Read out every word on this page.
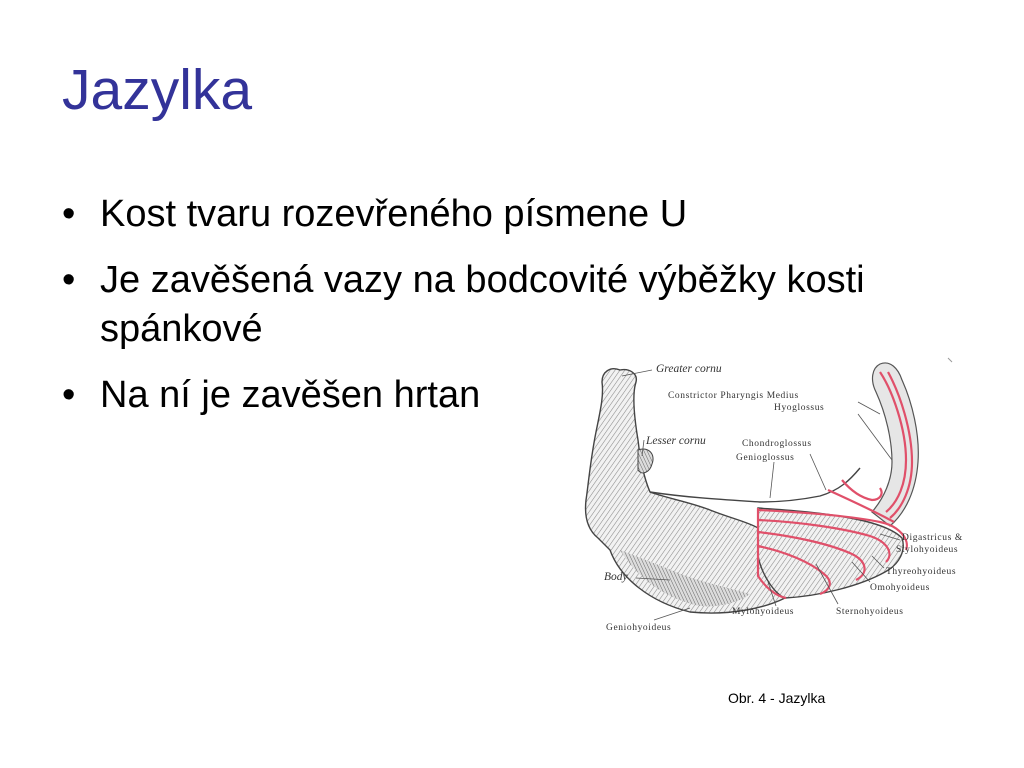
Jazylka
• Kost tvaru rozevřeného písmene U
• Je zavěšená vazy na bodcovité výběžky kosti spánkové
• Na ní je zavěšen hrtan
Greater cornu
Constrictor Pharyngis Medius
Hyoglossus
Lesser cornu	Chondroglossus
Genioglossus
Digastricus &
Stylohyoideus
Thyreohyoideus
Omohyoideus
Body
Sternohyoideus
Mylohyoideus
Geniohyoideus
Obr. 4 - Jazylka
